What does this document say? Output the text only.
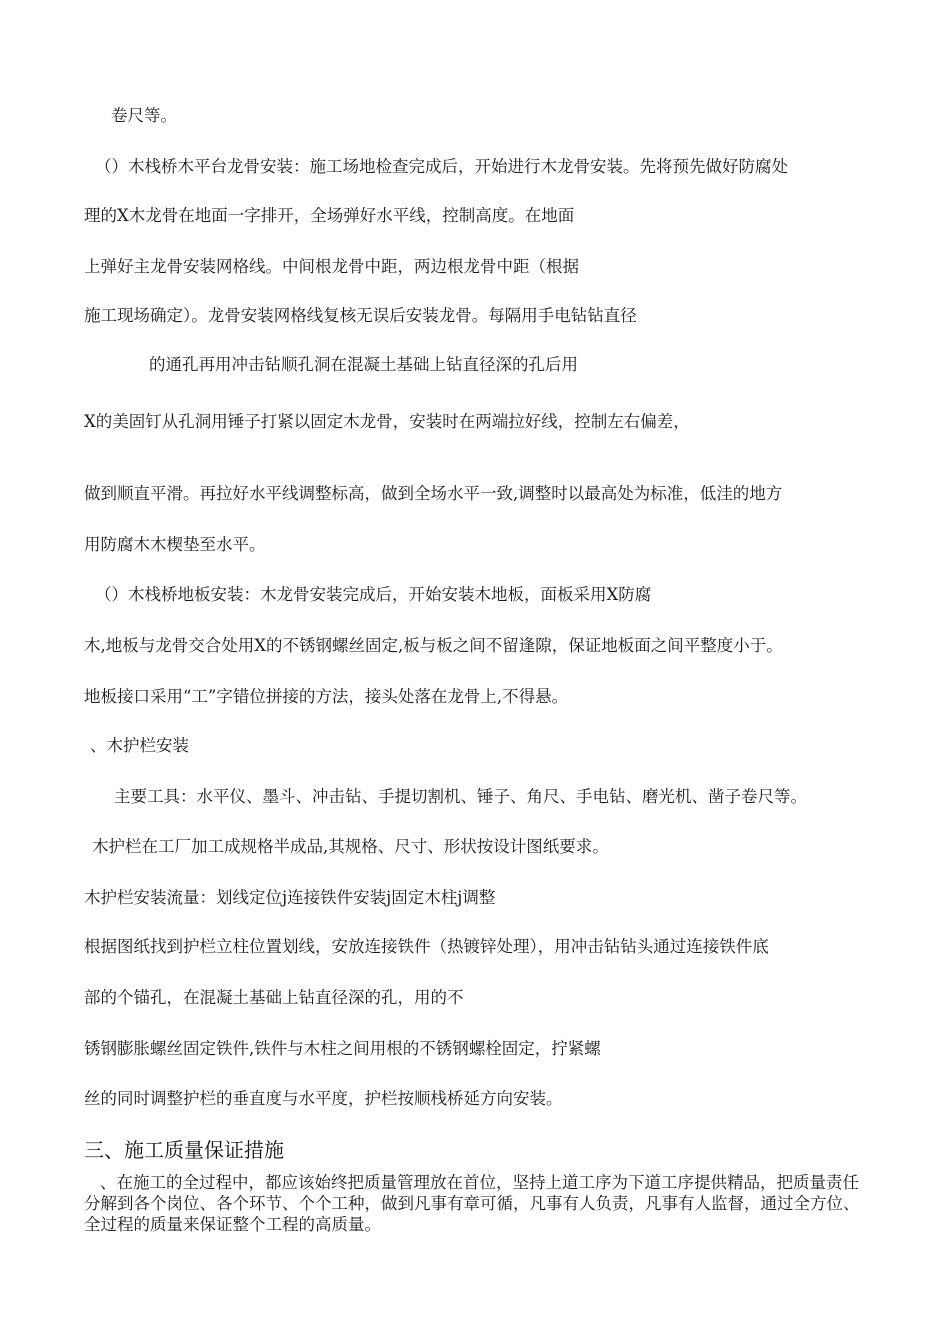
卷尺等。
（）木栈桥木平台龙骨安装：施工场地检查完成后，开始进行木龙骨安装。先将预先做好防腐处
理的X木龙骨在地面一字排开，全场弹好水平线，控制高度。在地面
上弹好主龙骨安装网格线。中间根龙骨中距，两边根龙骨中距（根据
施工现场确定）。龙骨安装网格线复核无误后安装龙骨。每隔用手电钻钻直径
的通孔再用冲击钻顺孔洞在混凝土基础上钻直径深的孔后用
X的美固钉从孔洞用锤子打紧以固定木龙骨，安装时在两端拉好线，控制左右偏差，
做到顺直平滑。再拉好水平线调整标高，做到全场水平一致,调整时以最高处为标准，低洼的地方
用防腐木木楔垫至水平。
（）木栈桥地板安装：木龙骨安装完成后，开始安装木地板，面板采用X防腐
木,地板与龙骨交合处用X的不锈钢螺丝固定,板与板之间不留逢隙，保证地板面之间平整度小于。
地板接口采用“工”字错位拼接的方法，接头处落在龙骨上,不得悬。
、木护栏安装
主要工具：水平仪、墨斗、冲击钻、手提切割机、锤子、角尺、手电钻、磨光机、凿子卷尺等。
木护栏在工厂加工成规格半成品,其规格、尺寸、形状按设计图纸要求。
木护栏安装流量：划线定位j连接铁件安装j固定木柱j调整
根据图纸找到护栏立柱位置划线，安放连接铁件（热镀锌处理），用冲击钻钻头通过连接铁件底
部的个锚孔，在混凝土基础上钻直径深的孔，用的不
锈钢膨胀螺丝固定铁件,铁件与木柱之间用根的不锈钢螺栓固定，拧紧螺
丝的同时调整护栏的垂直度与水平度，护栏按顺栈桥延方向安装。
三、施工质量保证措施
、在施工的全过程中，都应该始终把质量管理放在首位，坚持上道工序为下道工序提供精品，把质量责任分解到各个岗位、各个环节、个个工种，做到凡事有章可循，凡事有人负责，凡事有人监督，通过全方位、全过程的质量来保证整个工程的高质量。
